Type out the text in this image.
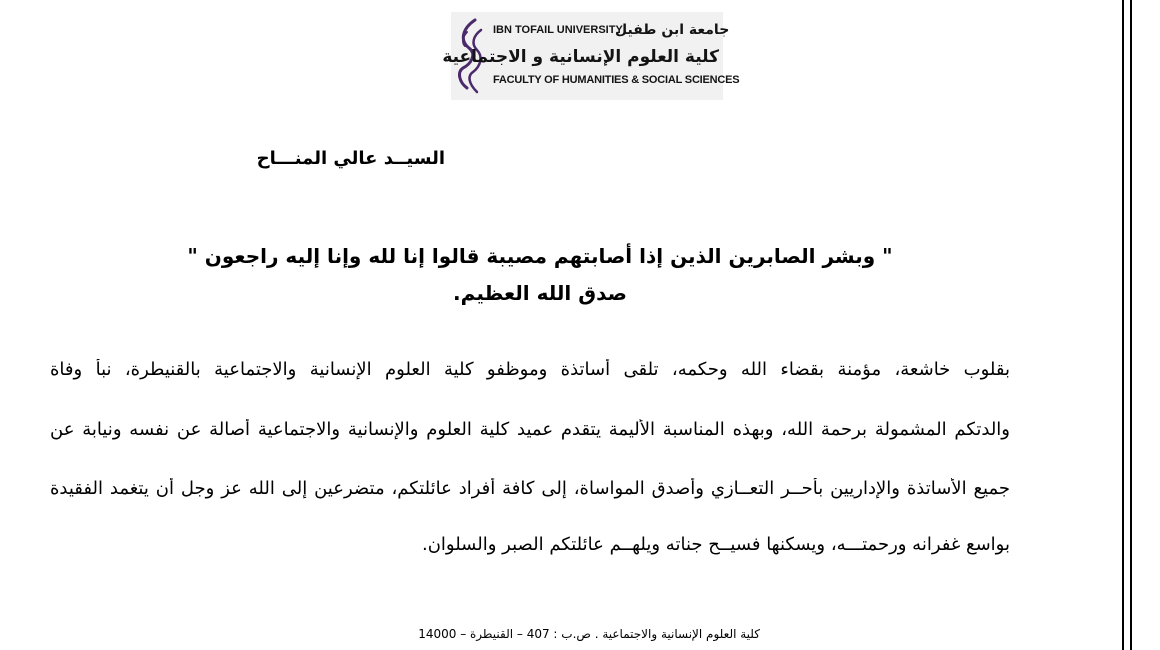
IBN TOFAIL UNIVERSITY
جامعة ابن طفيل
كلية العلوم الإنسانية و الاجتماعية
FACULTY OF HUMANITIES & SOCIAL SCIENCES
السيــد عالي المنـــاح
" وبشر الصابرين الذين إذا أصابتهم مصيبة قالوا إنا لله وإنا إليه راجعون "
صدق الله العظيم.
بقلوب خاشعة، مؤمنة بقضاء الله وحكمه، تلقى أساتذة وموظفو كلية العلوم الإنسانية والاجتماعية بالقنيطرة، نبأ وفاة
والدتكم المشمولة برحمة الله، وبهذه المناسبة الأليمة يتقدم عميد كلية العلوم والإنسانية والاجتماعية أصالة عن نفسه ونيابة عن
جميع الأساتذة والإداريين بأحــر التعــازي وأصدق المواساة، إلى كافة أفراد عائلتكم، متضرعين إلى الله عز وجل أن يتغمد الفقيدة
بواسع غفرانه ورحمتـــه، ويسكنها فسيــح جناته ويلهــم عائلتكم الصبر والسلوان.
كلية العلوم الإنسانية والاجتماعية . ص.ب : 407 – القنيطرة – 14000
